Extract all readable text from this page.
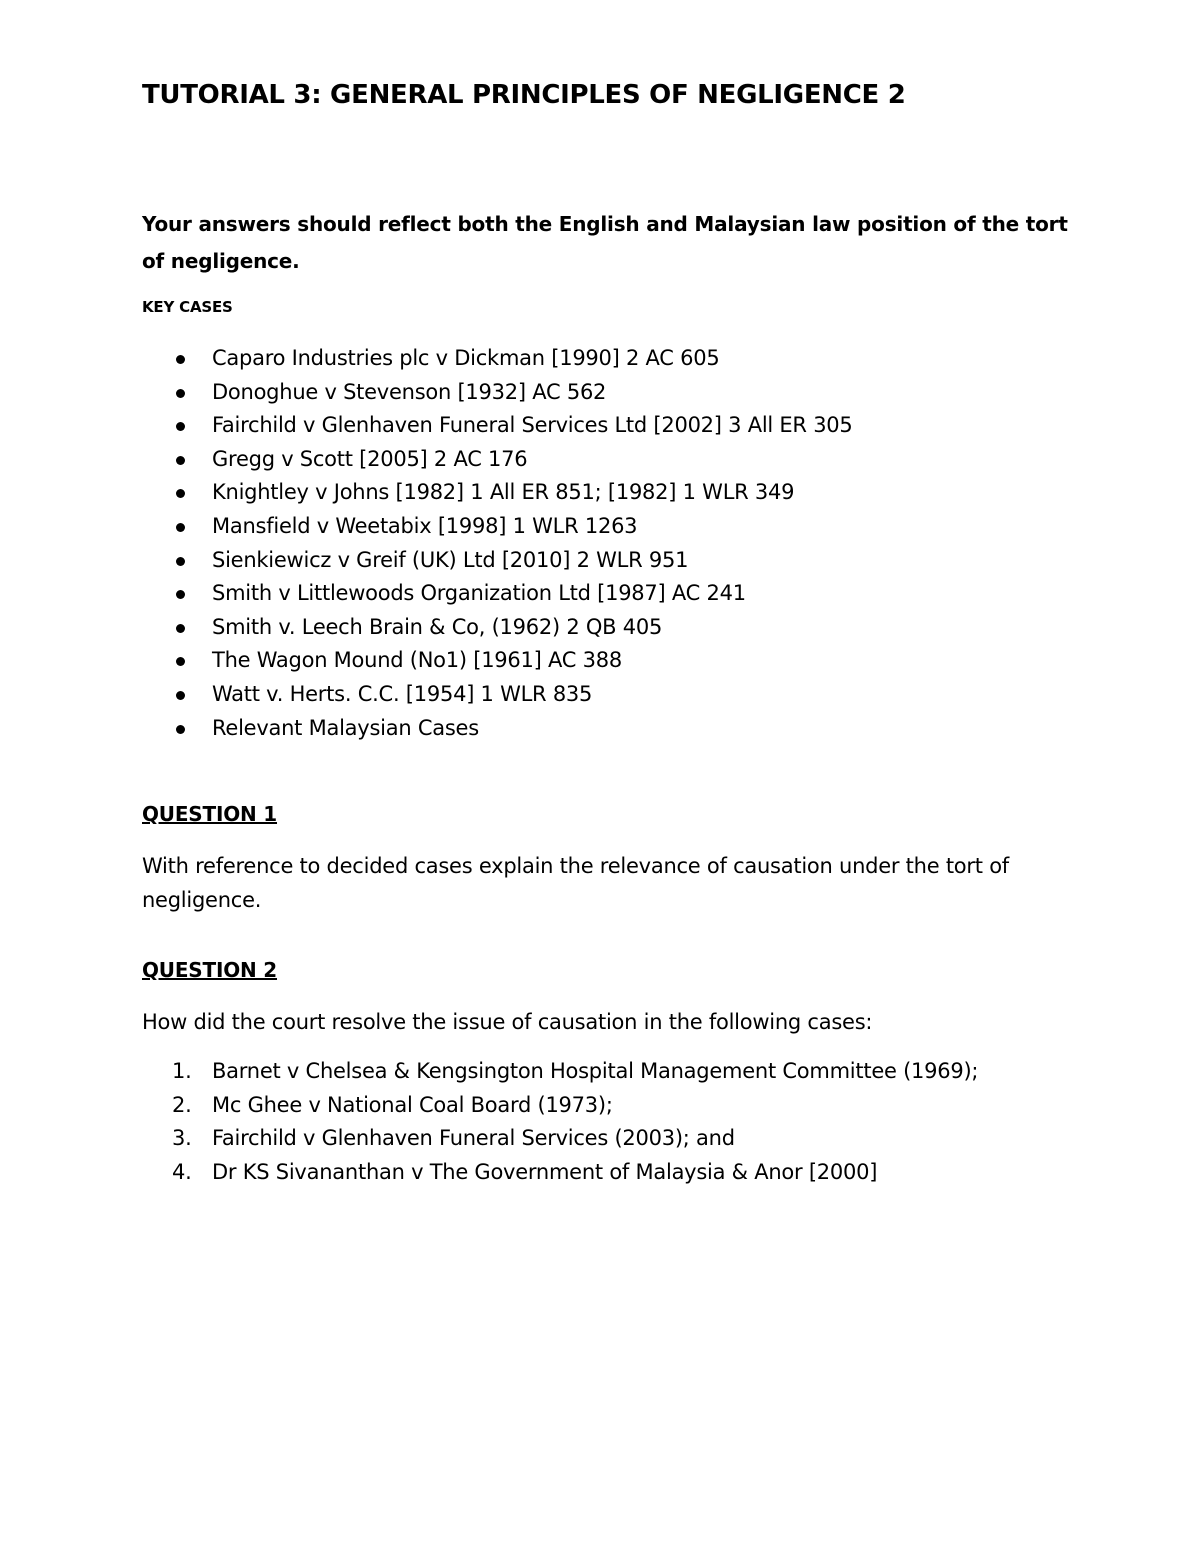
TUTORIAL 3: GENERAL PRINCIPLES OF NEGLIGENCE 2

Your answers should reflect both the English and Malaysian law position of the tort of negligence.

KEY CASES

Caparo Industries plc v Dickman [1990] 2 AC 605
Donoghue v Stevenson [1932] AC 562
Fairchild v Glenhaven Funeral Services Ltd [2002] 3 All ER 305
Gregg v Scott [2005] 2 AC 176
Knightley v Johns [1982] 1 All ER 851; [1982] 1 WLR 349
Mansfield v Weetabix [1998] 1 WLR 1263
Sienkiewicz v Greif (UK) Ltd [2010] 2 WLR 951
Smith v Littlewoods Organization Ltd [1987] AC 241
Smith v. Leech Brain & Co, (1962) 2 QB 405
The Wagon Mound (No1) [1961] AC 388
Watt v. Herts. C.C. [1954] 1 WLR 835
Relevant Malaysian Cases

QUESTION 1

With reference to decided cases explain the relevance of causation under the tort of negligence.

QUESTION 2

How did the court resolve the issue of causation in the following cases:

1. Barnet v Chelsea & Kengsington Hospital Management Committee (1969);
2. Mc Ghee v National Coal Board (1973);
3. Fairchild v Glenhaven Funeral Services (2003); and
4. Dr KS Sivananthan v The Government of Malaysia & Anor [2000]
